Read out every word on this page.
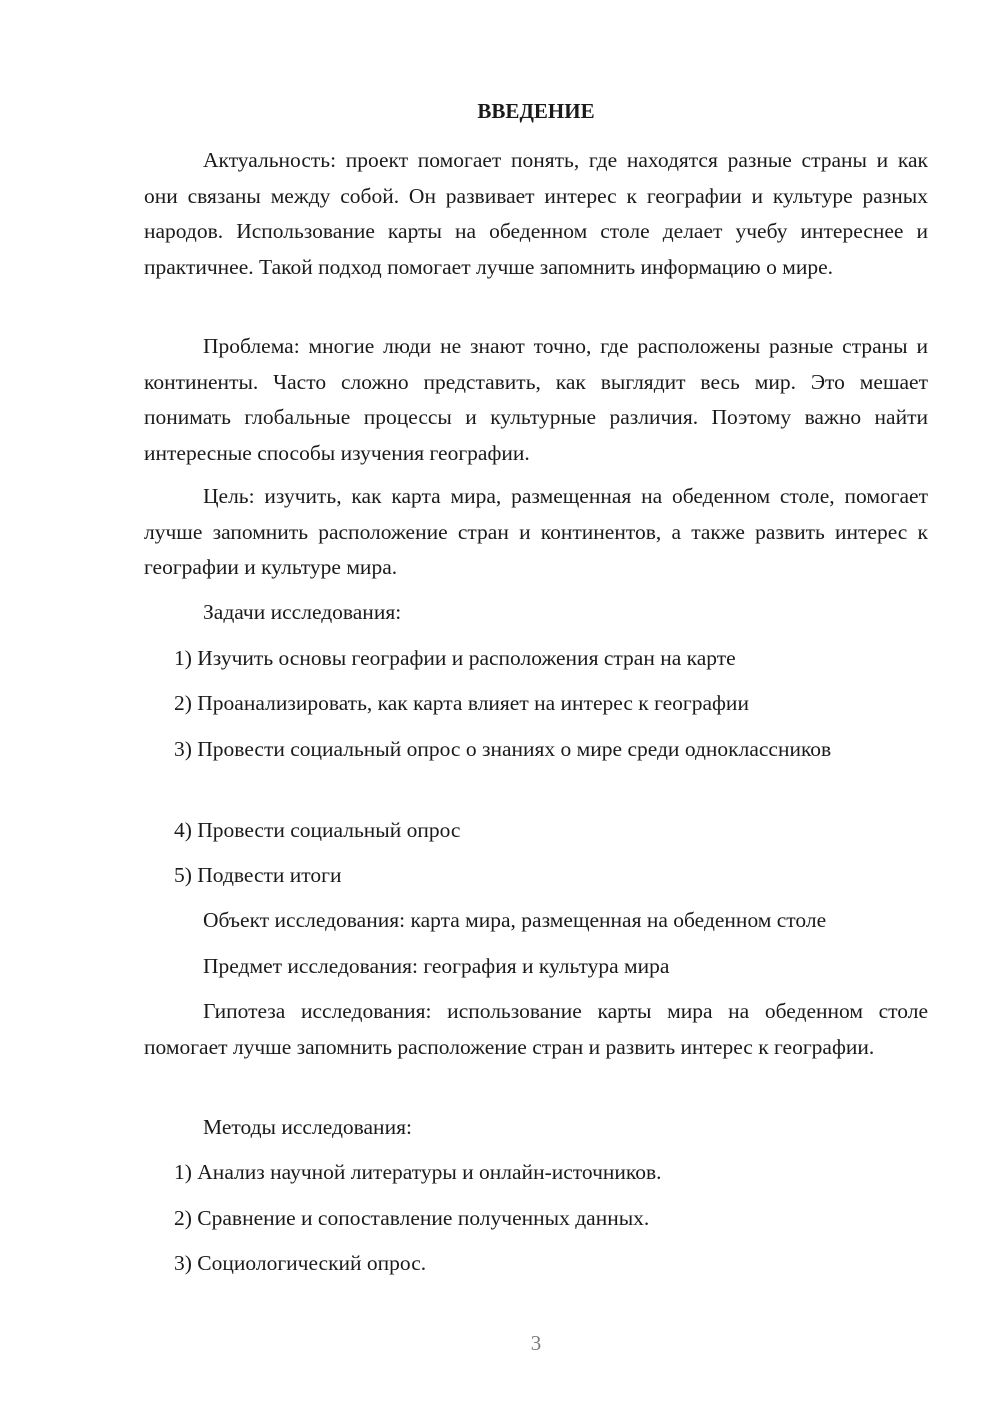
ВВЕДЕНИЕ

Актуальность: проект помогает понять, где находятся разные страны и как они связаны между собой. Он развивает интерес к географии и культуре разных народов. Использование карты на обеденном столе делает учебу интереснее и практичнее. Такой подход помогает лучше запомнить информацию о мире.

Проблема: многие люди не знают точно, где расположены разные страны и континенты. Часто сложно представить, как выглядит весь мир. Это мешает понимать глобальные процессы и культурные различия. Поэтому важно найти интересные способы изучения географии.

Цель: изучить, как карта мира, размещенная на обеденном столе, помогает лучше запомнить расположение стран и континентов, а также развить интерес к географии и культуре мира.

Задачи исследования:

1) Изучить основы географии и расположения стран на карте

2) Проанализировать, как карта влияет на интерес к географии

3) Провести социальный опрос о знаниях о мире среди одноклассников

4) Провести социальный опрос

5) Подвести итоги

Объект исследования: карта мира, размещенная на обеденном столе

Предмет исследования: география и культура мира

Гипотеза исследования: использование карты мира на обеденном столе помогает лучше запомнить расположение стран и развить интерес к географии.

Методы исследования:

1) Анализ научной литературы и онлайн-источников.

2) Сравнение и сопоставление полученных данных.

3) Социологический опрос.

3
